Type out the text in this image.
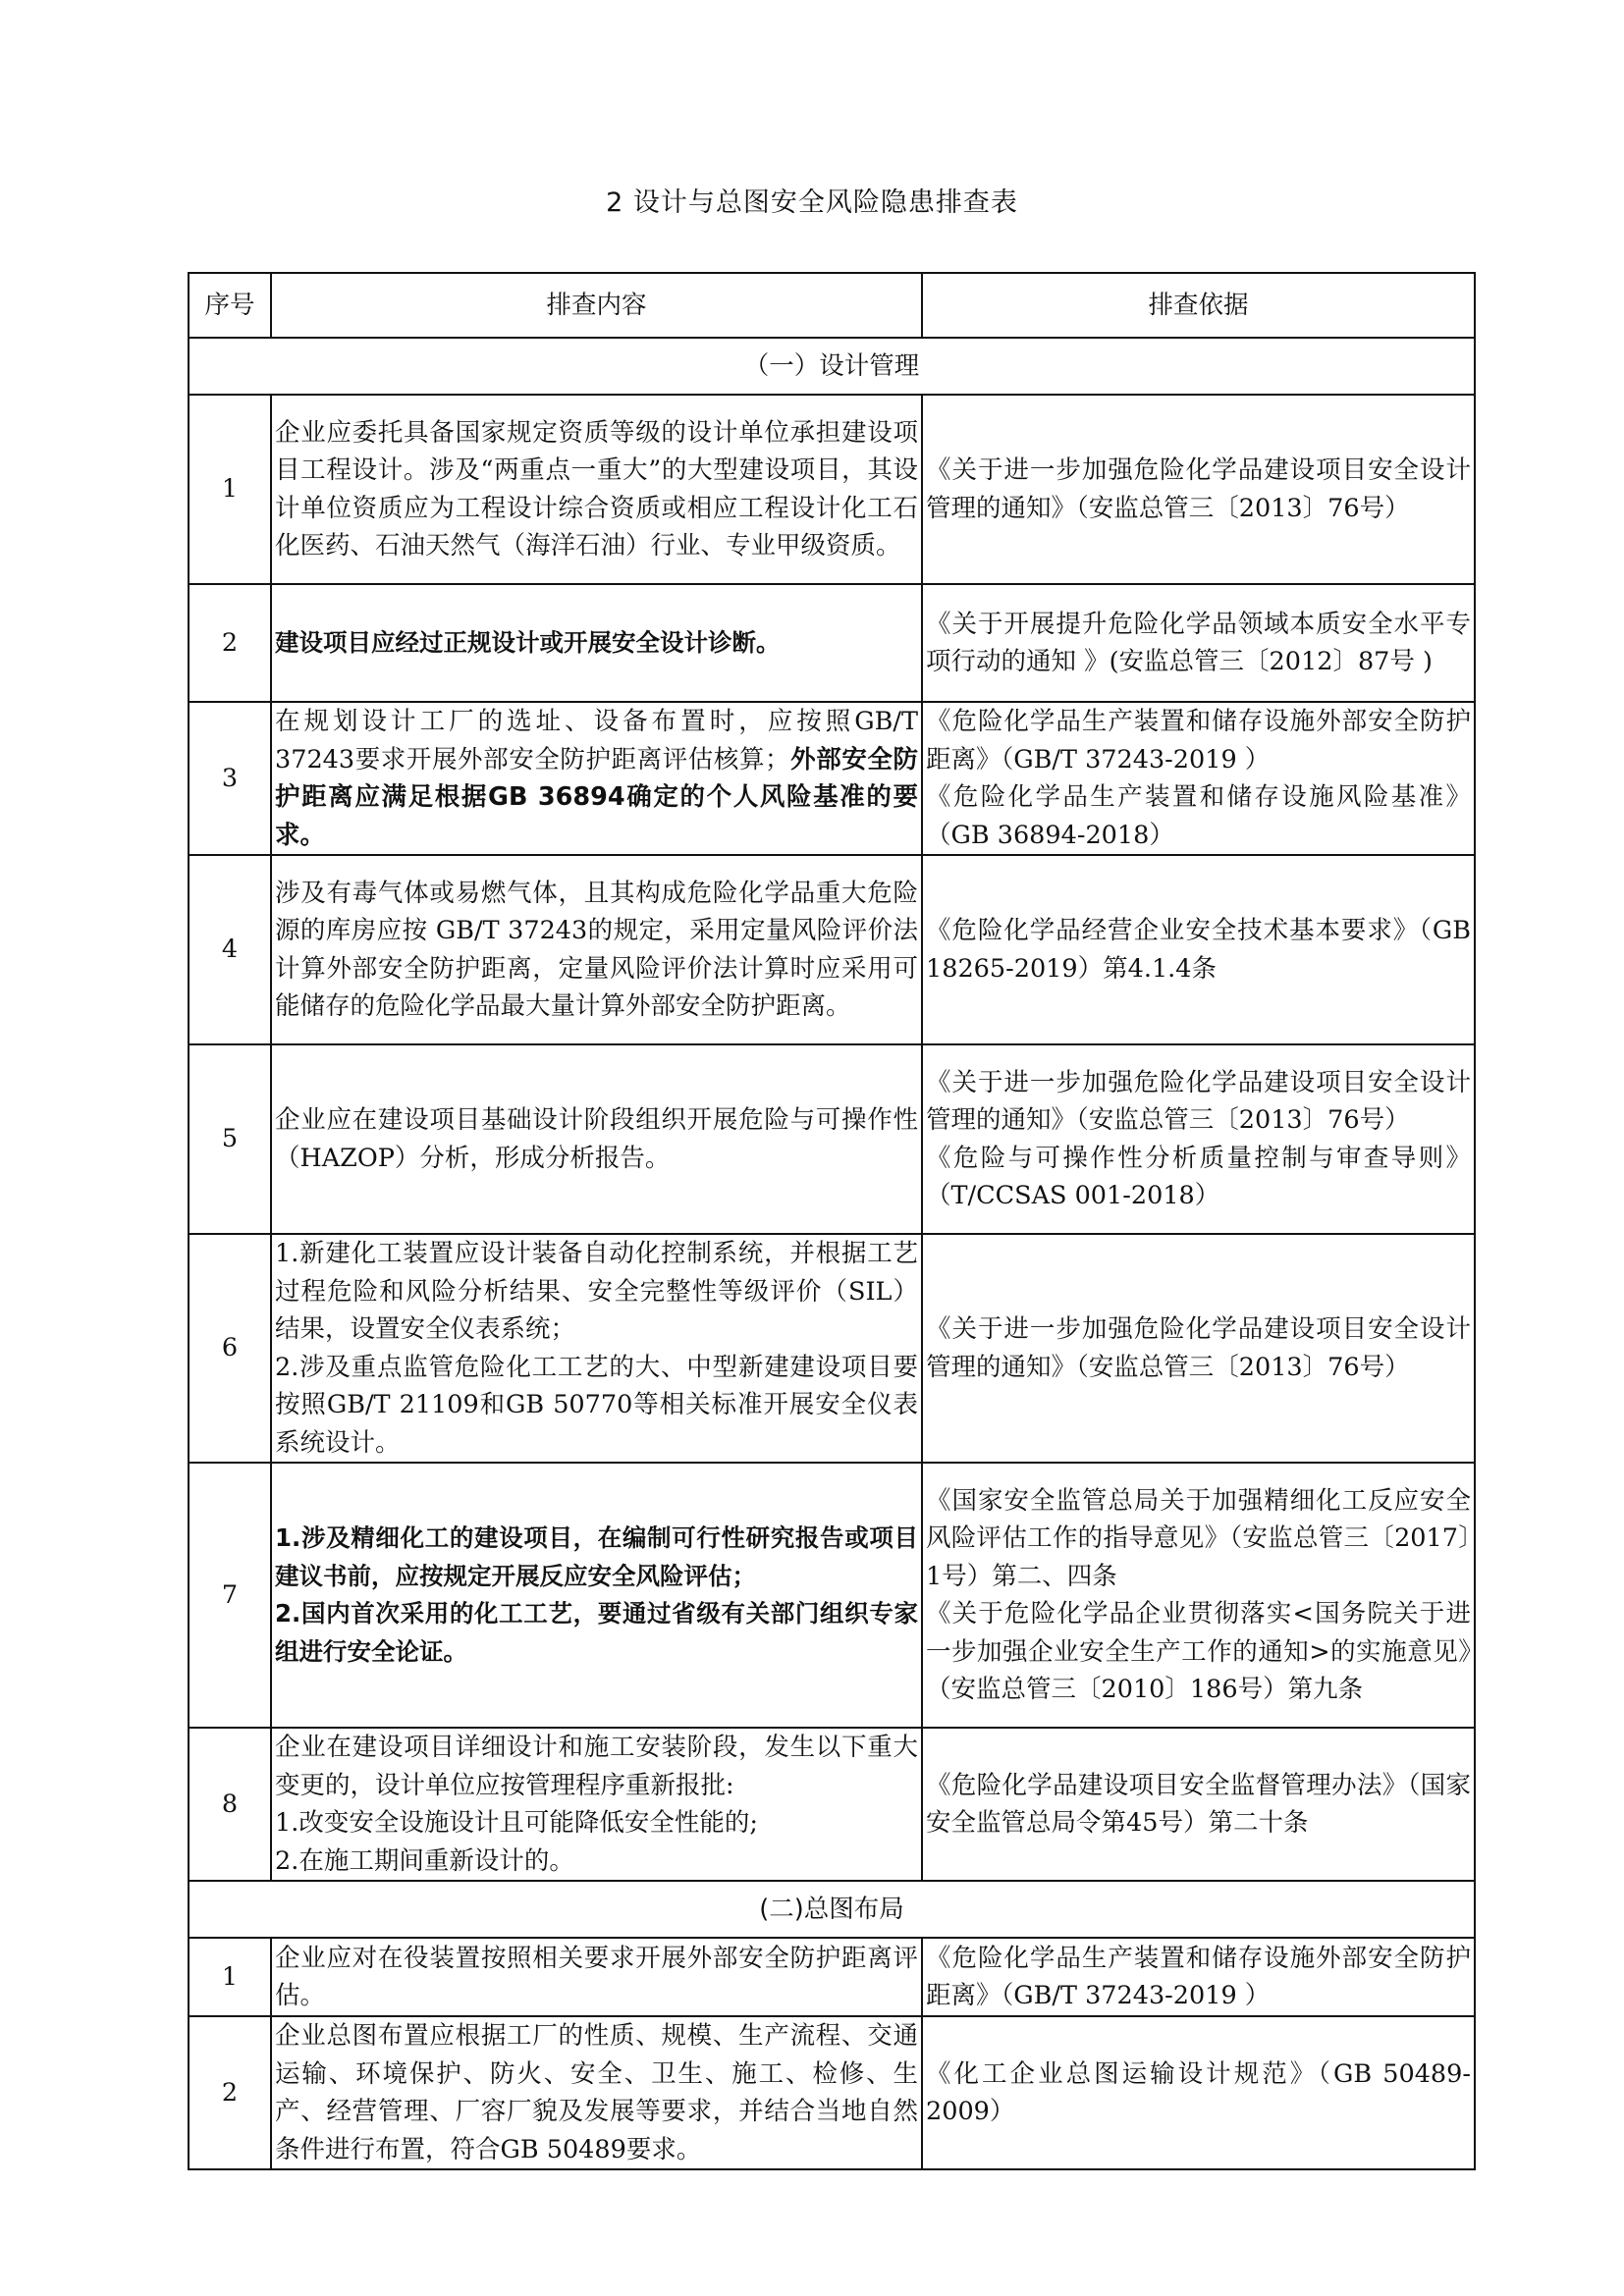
2 设计与总图安全风险隐患排查表
序号	排查内容	排查依据
（一）设计管理		
1	企业应委托具备国家规定资质等级的设计单位承担建设项目工程设计。涉及“两重点一重大”的大型建设项目，其设计单位资质应为工程设计综合资质或相应工程设计化工石化医药、石油天然气（海洋石油）行业、专业甲级资质。	《关于进一步加强危险化学品建设项目安全设计管理的通知》（安监总管三〔2013〕76号）
2	建设项目应经过正规设计或开展安全设计诊断。	《关于开展提升危险化学品领域本质安全水平专项行动的通知 》(安监总管三〔2012〕87号 )
3	在规划设计工厂的选址、设备布置时，应按照GB/T 37243要求开展外部安全防护距离评估核算；外部安全防护距离应满足根据GB 36894确定的个人风险基准的要求。	《危险化学品生产装置和储存设施外部安全防护距离》（GB/T 37243-2019 ）
《危险化学品生产装置和储存设施风险基准》（GB 36894-2018）
4	涉及有毒气体或易燃气体，且其构成危险化学品重大危险源的库房应按 GB/T 37243的规定，采用定量风险评价法计算外部安全防护距离，定量风险评价法计算时应采用可能储存的危险化学品最大量计算外部安全防护距离。	《危险化学品经营企业安全技术基本要求》（GB 18265-2019）第4.1.4条
5	企业应在建设项目基础设计阶段组织开展危险与可操作性（HAZOP）分析，形成分析报告。	《关于进一步加强危险化学品建设项目安全设计管理的通知》（安监总管三〔2013〕76号）
《危险与可操作性分析质量控制与审查导则》（T/CCSAS 001-2018）
6	1.新建化工装置应设计装备自动化控制系统，并根据工艺过程危险和风险分析结果、安全完整性等级评价（SIL）结果，设置安全仪表系统；
2.涉及重点监管危险化工工艺的大、中型新建建设项目要按照GB/T 21109和GB 50770等相关标准开展安全仪表系统设计。	《关于进一步加强危险化学品建设项目安全设计管理的通知》（安监总管三〔2013〕76号）
7	1.涉及精细化工的建设项目，在编制可行性研究报告或项目建议书前，应按规定开展反应安全风险评估；
2.国内首次采用的化工工艺，要通过省级有关部门组织专家组进行安全论证。	《国家安全监管总局关于加强精细化工反应安全风险评估工作的指导意见》（安监总管三〔2017〕1号）第二、四条
《关于危险化学品企业贯彻落实<国务院关于进一步加强企业安全生产工作的通知>的实施意见》（安监总管三〔2010〕186号）第九条
8	企业在建设项目详细设计和施工安装阶段，发生以下重大变更的，设计单位应按管理程序重新报批:
1.改变安全设施设计且可能降低安全性能的;
2.在施工期间重新设计的。	《危险化学品建设项目安全监督管理办法》（国家安全监管总局令第45号）第二十条
(二)总图布局		
1	企业应对在役装置按照相关要求开展外部安全防护距离评估。	《危险化学品生产装置和储存设施外部安全防护距离》（GB/T 37243-2019 ）
2	企业总图布置应根据工厂的性质、规模、生产流程、交通运输、环境保护、防火、安全、卫生、施工、检修、生产、经营管理、厂容厂貌及发展等要求，并结合当地自然条件进行布置，符合GB 50489要求。	《化工企业总图运输设计规范》（GB 50489-2009）
